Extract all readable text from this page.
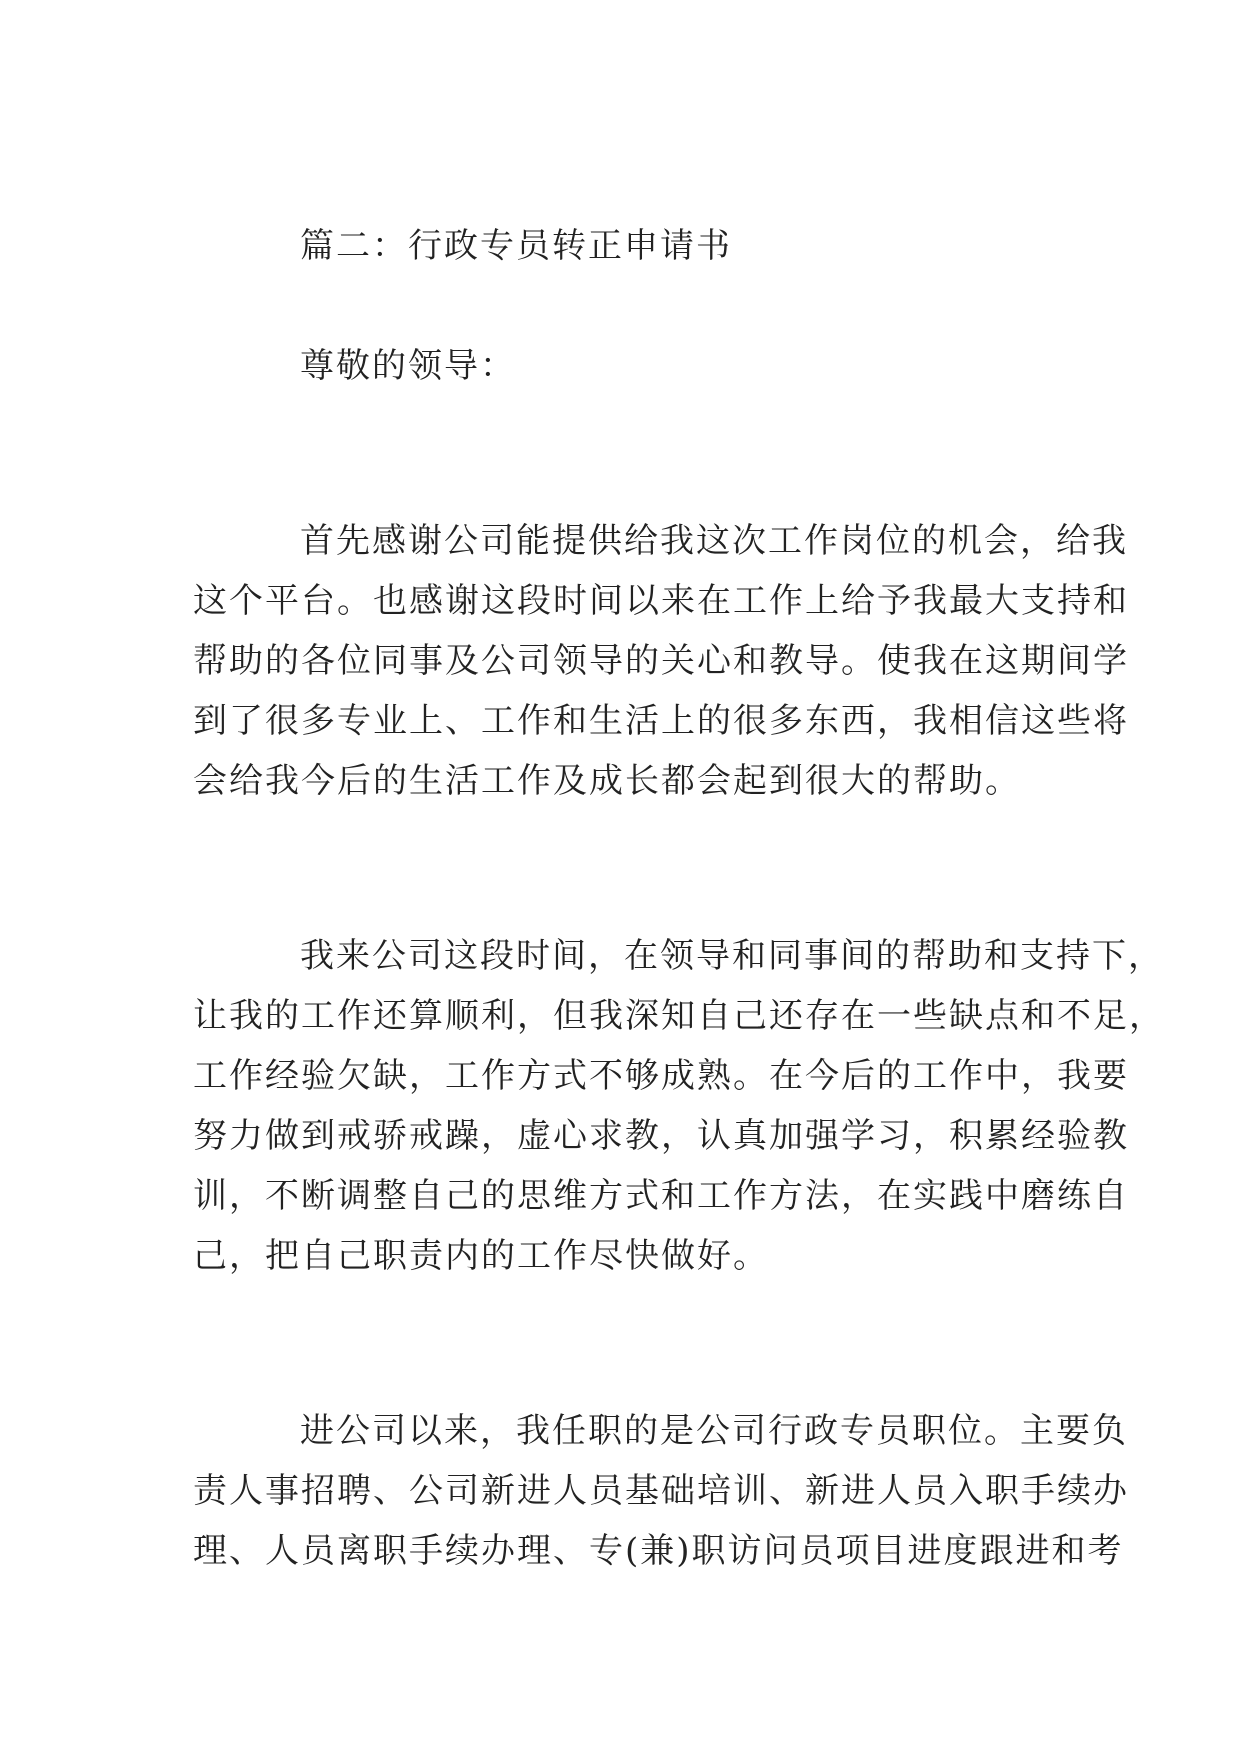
篇二：行政专员转正申请书
尊敬的领导：
首先感谢公司能提供给我这次工作岗位的机会，给我
这个平台。也感谢这段时间以来在工作上给予我最大支持和
帮助的各位同事及公司领导的关心和教导。使我在这期间学
到了很多专业上、工作和生活上的很多东西，我相信这些将
会给我今后的生活工作及成长都会起到很大的帮助。
我来公司这段时间，在领导和同事间的帮助和支持下，
让我的工作还算顺利，但我深知自己还存在一些缺点和不足，
工作经验欠缺，工作方式不够成熟。在今后的工作中，我要
努力做到戒骄戒躁，虚心求教，认真加强学习，积累经验教
训，不断调整自己的思维方式和工作方法，在实践中磨练自
己，把自己职责内的工作尽快做好。
进公司以来，我任职的是公司行政专员职位。主要负
责人事招聘、公司新进人员基础培训、新进人员入职手续办
理、人员离职手续办理、专(兼)职访问员项目进度跟进和考
